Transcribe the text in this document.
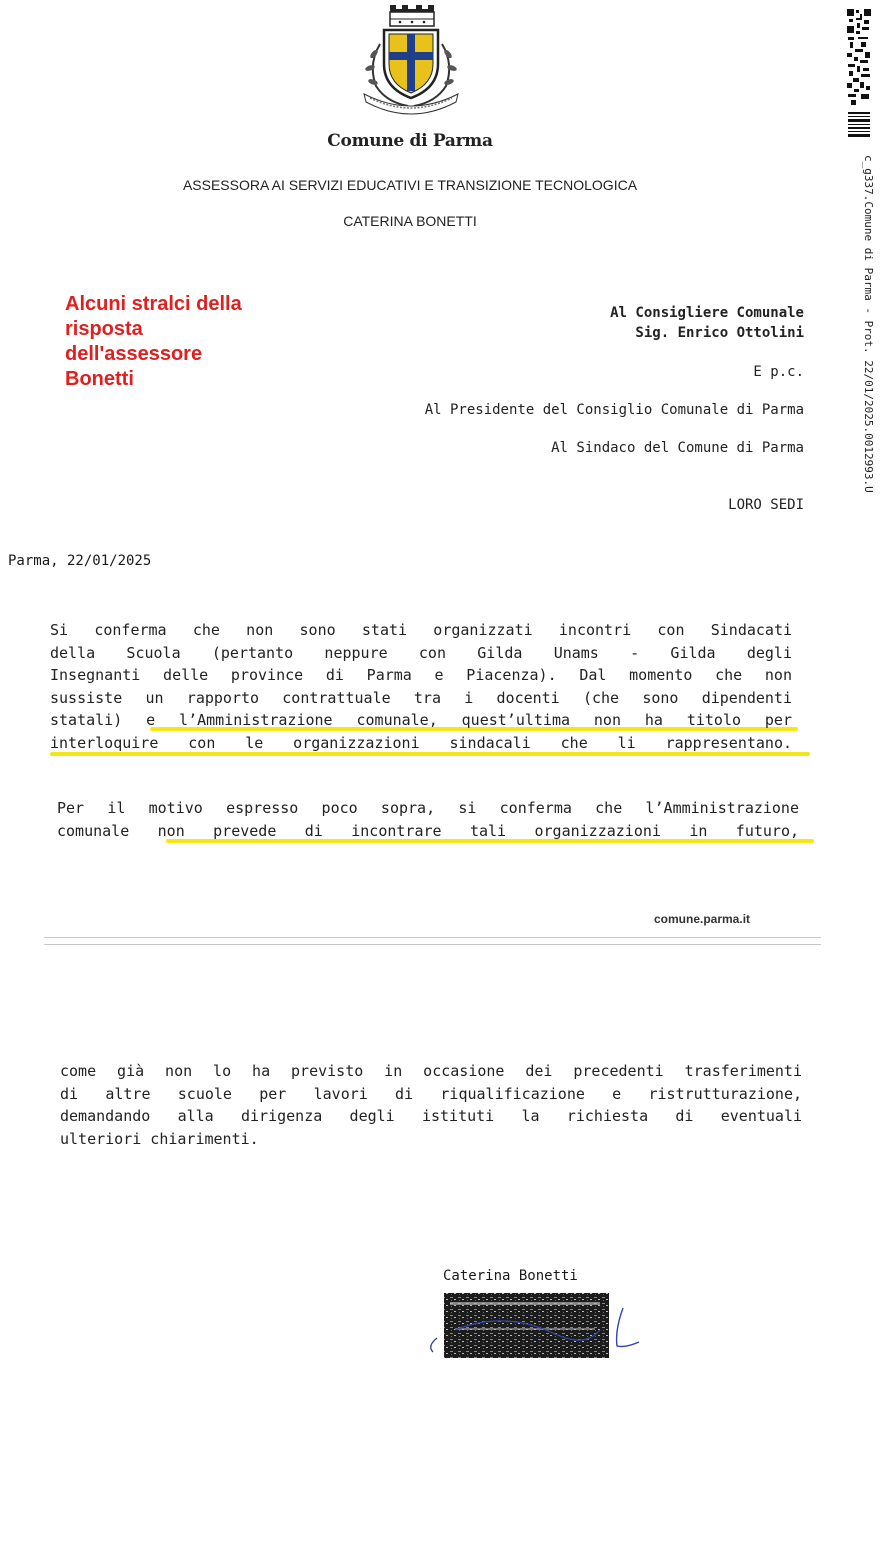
Comune di Parma
ASSESSORA AI SERVIZI EDUCATIVI E TRANSIZIONE TECNOLOGICA
CATERINA BONETTI
Alcuni stralci della
risposta
dell'assessore
Bonetti
Al Consigliere Comunale
Sig. Enrico Ottolini
E p.c.
Al Presidente del Consiglio Comunale di Parma
Al Sindaco del Comune di Parma
LORO SEDI
Parma, 22/01/2025
Si conferma che non sono stati organizzati incontri con Sindacati
della Scuola (pertanto neppure con Gilda Unams - Gilda degli
Insegnanti delle province di Parma e Piacenza). Dal momento che non
sussiste un rapporto contrattuale tra i docenti (che sono dipendenti
statali) e l’Amministrazione comunale, quest’ultima non ha titolo per
interloquire con le organizzazioni sindacali che li rappresentano.
Per il motivo espresso poco sopra, si conferma che l’Amministrazione
comunale non prevede di incontrare tali organizzazioni in futuro,
comune.parma.it
come già non lo ha previsto in occasione dei precedenti trasferimenti
di altre scuole per lavori di riqualificazione e ristrutturazione,
demandando alla dirigenza degli istituti la richiesta di eventuali
ulteriori chiarimenti.
Caterina Bonetti
c_g337.Comune di Parma - Prot. 22/01/2025.0012993.U
